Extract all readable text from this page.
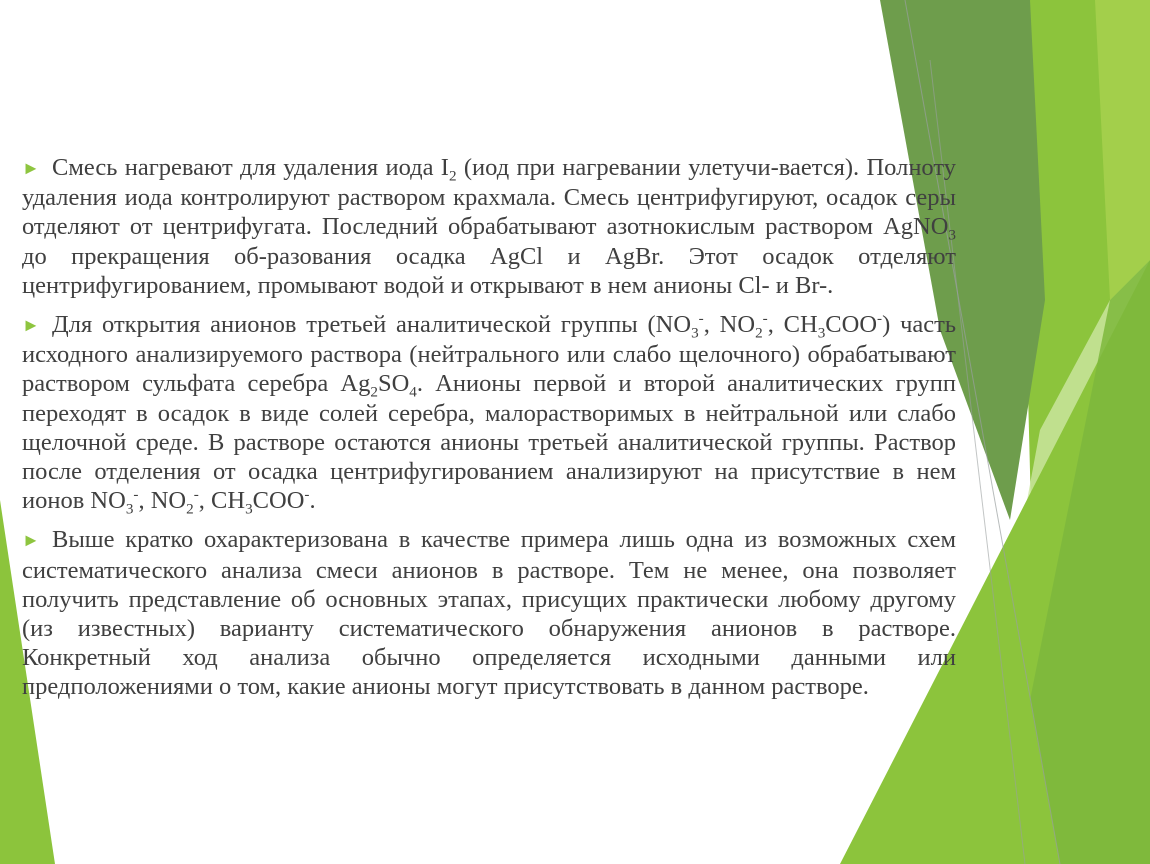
► Смесь нагревают для удаления иода $I_2$ (иод при нагревании улетучи-вается). Полноту удаления иода контролируют раствором крахмала. Смесь центрифугируют, осадок серы отделяют от центрифугата. Последний обрабатывают азотнокислым раствором AgNO$_3$ до прекращения об-разования осадка AgCl и AgBr. Этот осадок отделяют центрифугированием, промывают водой и открывают в нем анионы Cl- и Br-.

► Для открытия анионов третьей аналитической группы ($NO_3^-$, $NO_2^-$, $CH_3COO^-$) часть исходного анализируемого раствора (нейтрального или слабо щелочного) обрабатывают раствором сульфата серебра $Ag_2SO_4$. Анионы первой и второй аналитических групп переходят в осадок в виде солей серебра, малорастворимых в нейтральной или слабо щелочной среде. В растворе остаются анионы третьей аналитической группы. Раствор после отделения от осадка центрифугированием анализируют на присутствие в нем ионов $NO_3^-$, $NO_2^-$, $CH_3COO^-$.

► Выше кратко охарактеризована в качестве примера лишь одна из возможных схем систематического анализа смеси анионов в растворе. Тем не менее, она позволяет получить представление об основных этапах, присущих практически любому другому (из известных) варианту систематического обнаружения анионов в растворе. Конкретный ход анализа обычно определяется исходными данными или предположениями о том, какие анионы могут присутствовать в данном растворе.
